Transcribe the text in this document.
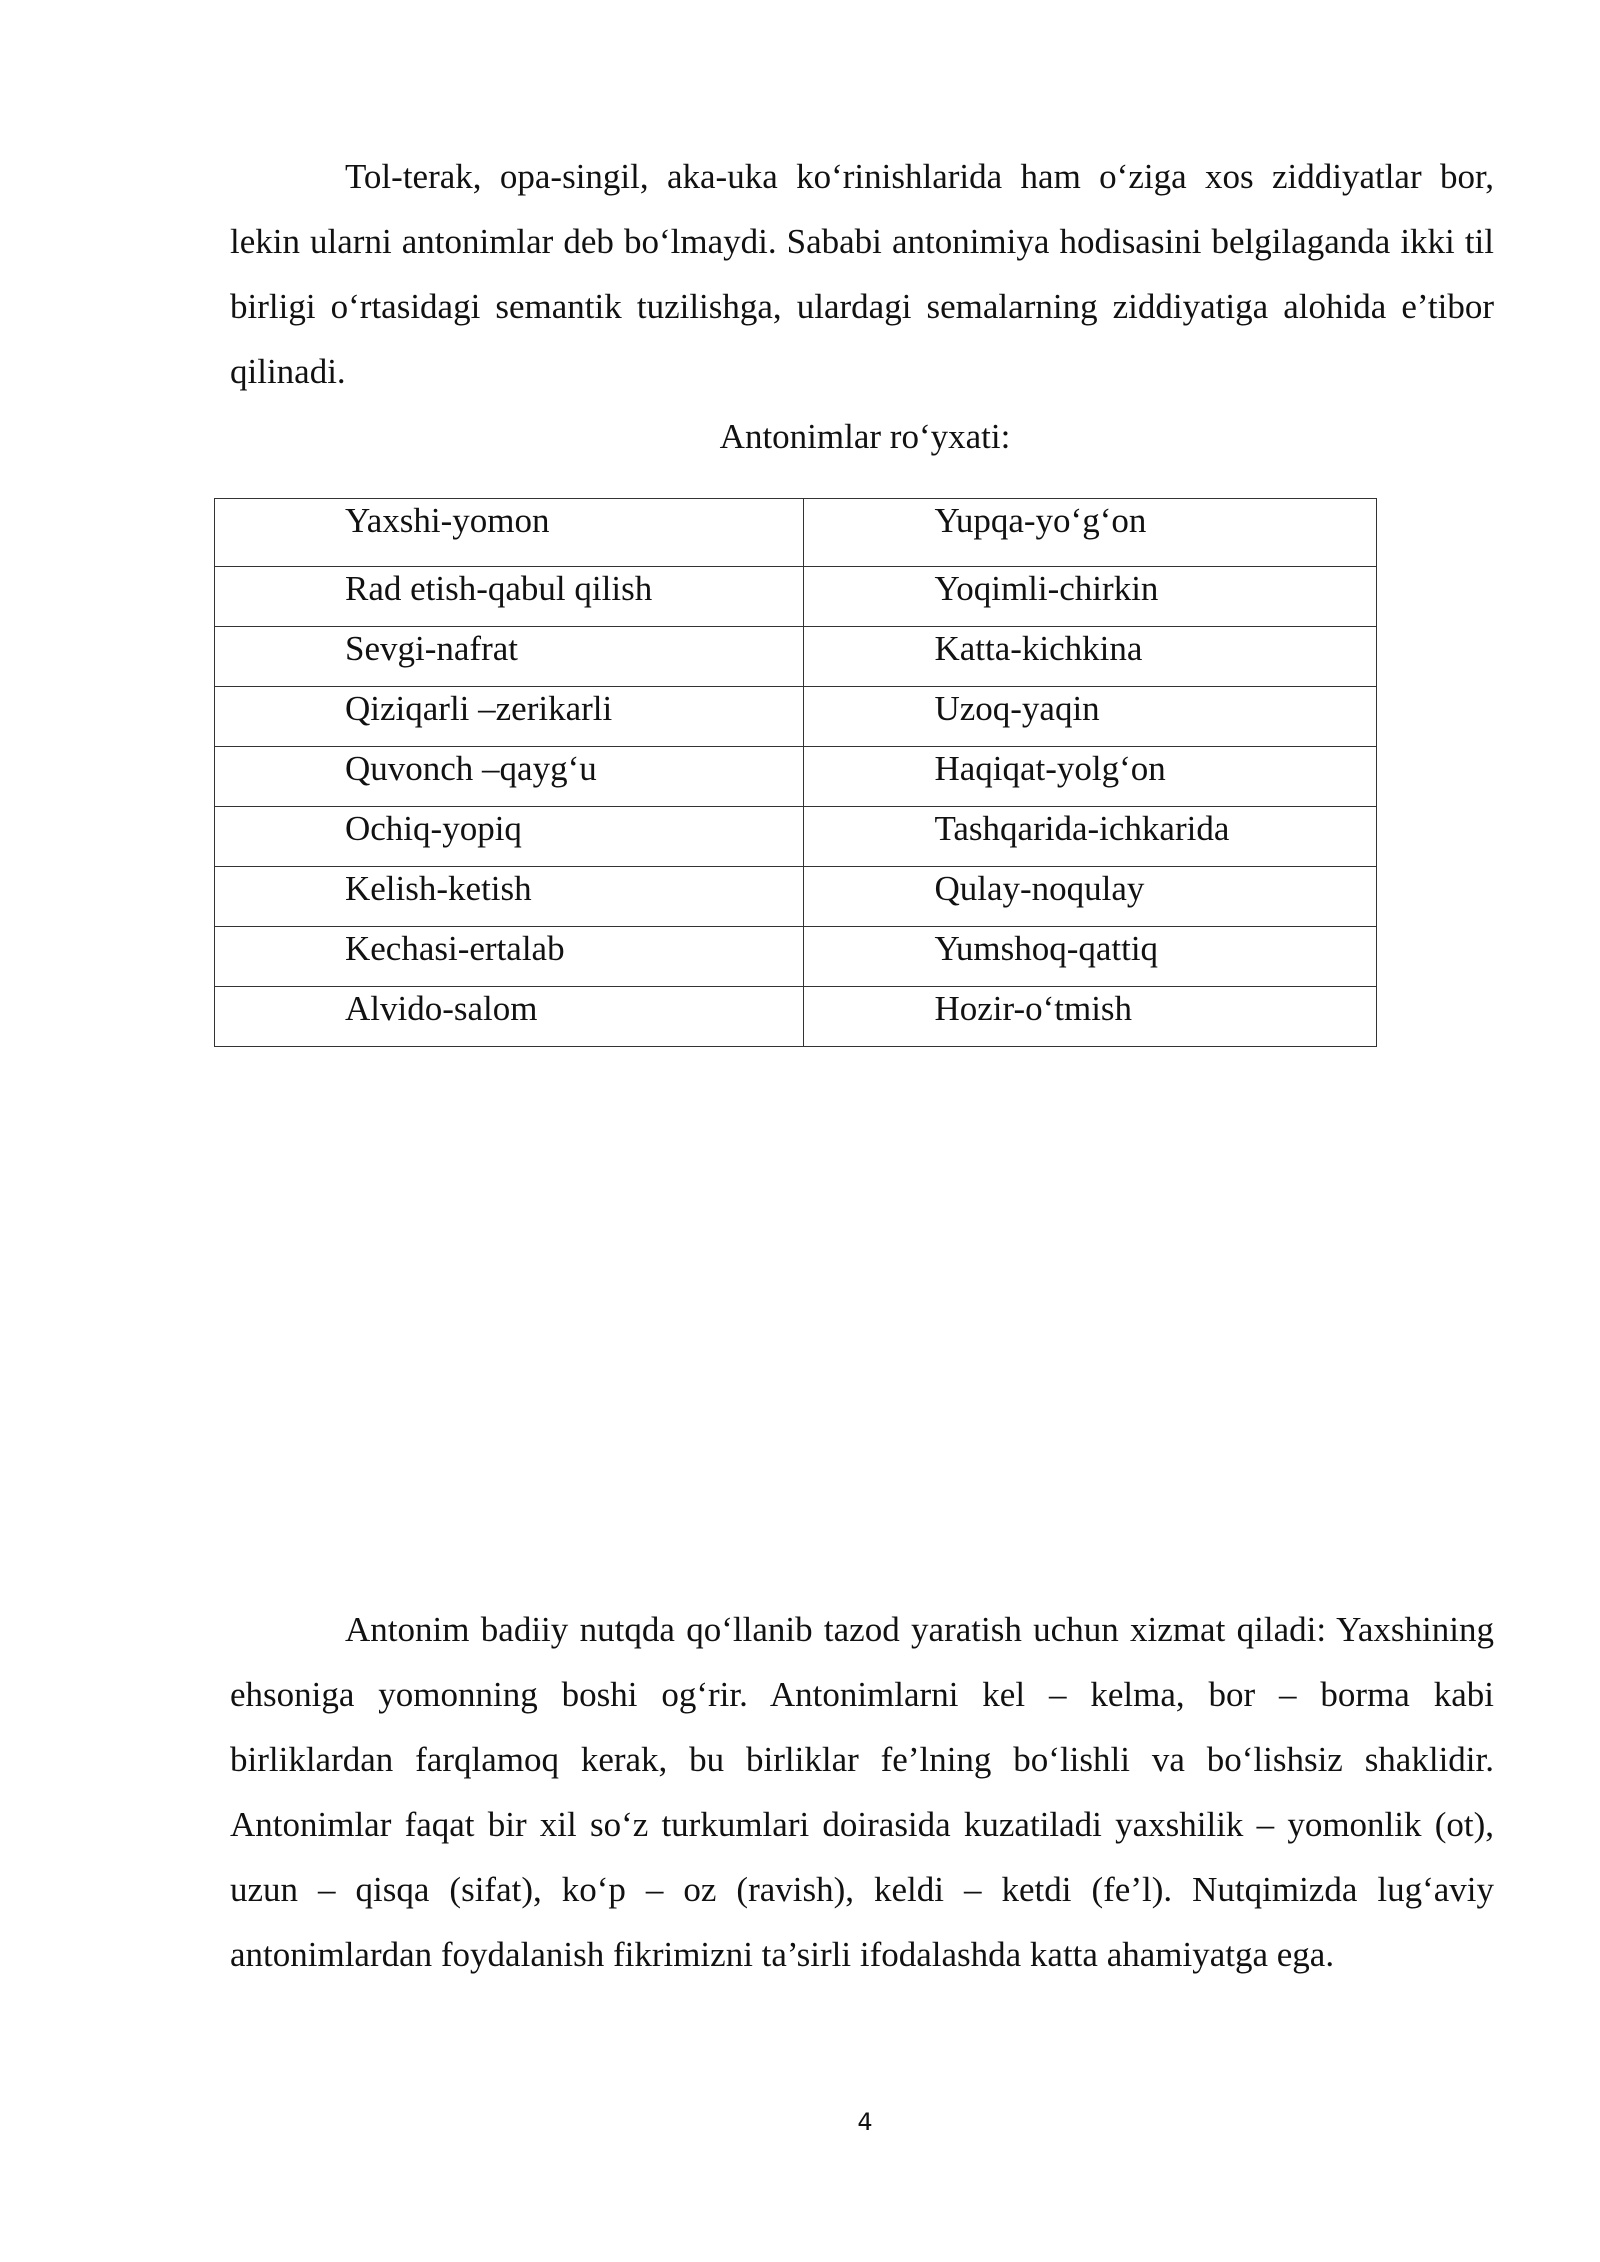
Tol-terak, opa-singil, aka-uka ko‘rinishlarida ham o‘ziga xos ziddiyatlar bor, lekin ularni antonimlar deb bo‘lmaydi. Sababi antonimiya hodisasini belgilaganda ikki til birligi o‘rtasidagi semantik tuzilishga, ulardagi semalarning ziddiyatiga alohida e’tibor qilinadi.

Antonimlar ro‘yxati:

Yaxshi-yomon	Yupqa-yo‘g‘on
Rad etish-qabul qilish	Yoqimli-chirkin
Sevgi-nafrat	Katta-kichkina
Qiziqarli –zerikarli	Uzoq-yaqin
Quvonch –qayg‘u	Haqiqat-yolg‘on
Ochiq-yopiq	Tashqarida-ichkarida
Kelish-ketish	Qulay-noqulay
Kechasi-ertalab	Yumshoq-qattiq
Alvido-salom	Hozir-o‘tmish

Antonim badiiy nutqda qo‘llanib tazod yaratish uchun xizmat qiladi: Yaxshining ehsoniga yomonning boshi og‘rir. Antonimlarni kel – kelma, bor – borma kabi birliklardan farqlamoq kerak, bu birliklar fe’lning bo‘lishli va bo‘lishsiz shaklidir. Antonimlar faqat bir xil so‘z turkumlari doirasida kuzatiladi yaxshilik – yomonlik (ot), uzun – qisqa (sifat), ko‘p – oz (ravish), keldi – ketdi (fe’l). Nutqimizda lug‘aviy antonimlardan foydalanish fikrimizni ta’sirli ifodalashda katta ahamiyatga ega.

4
